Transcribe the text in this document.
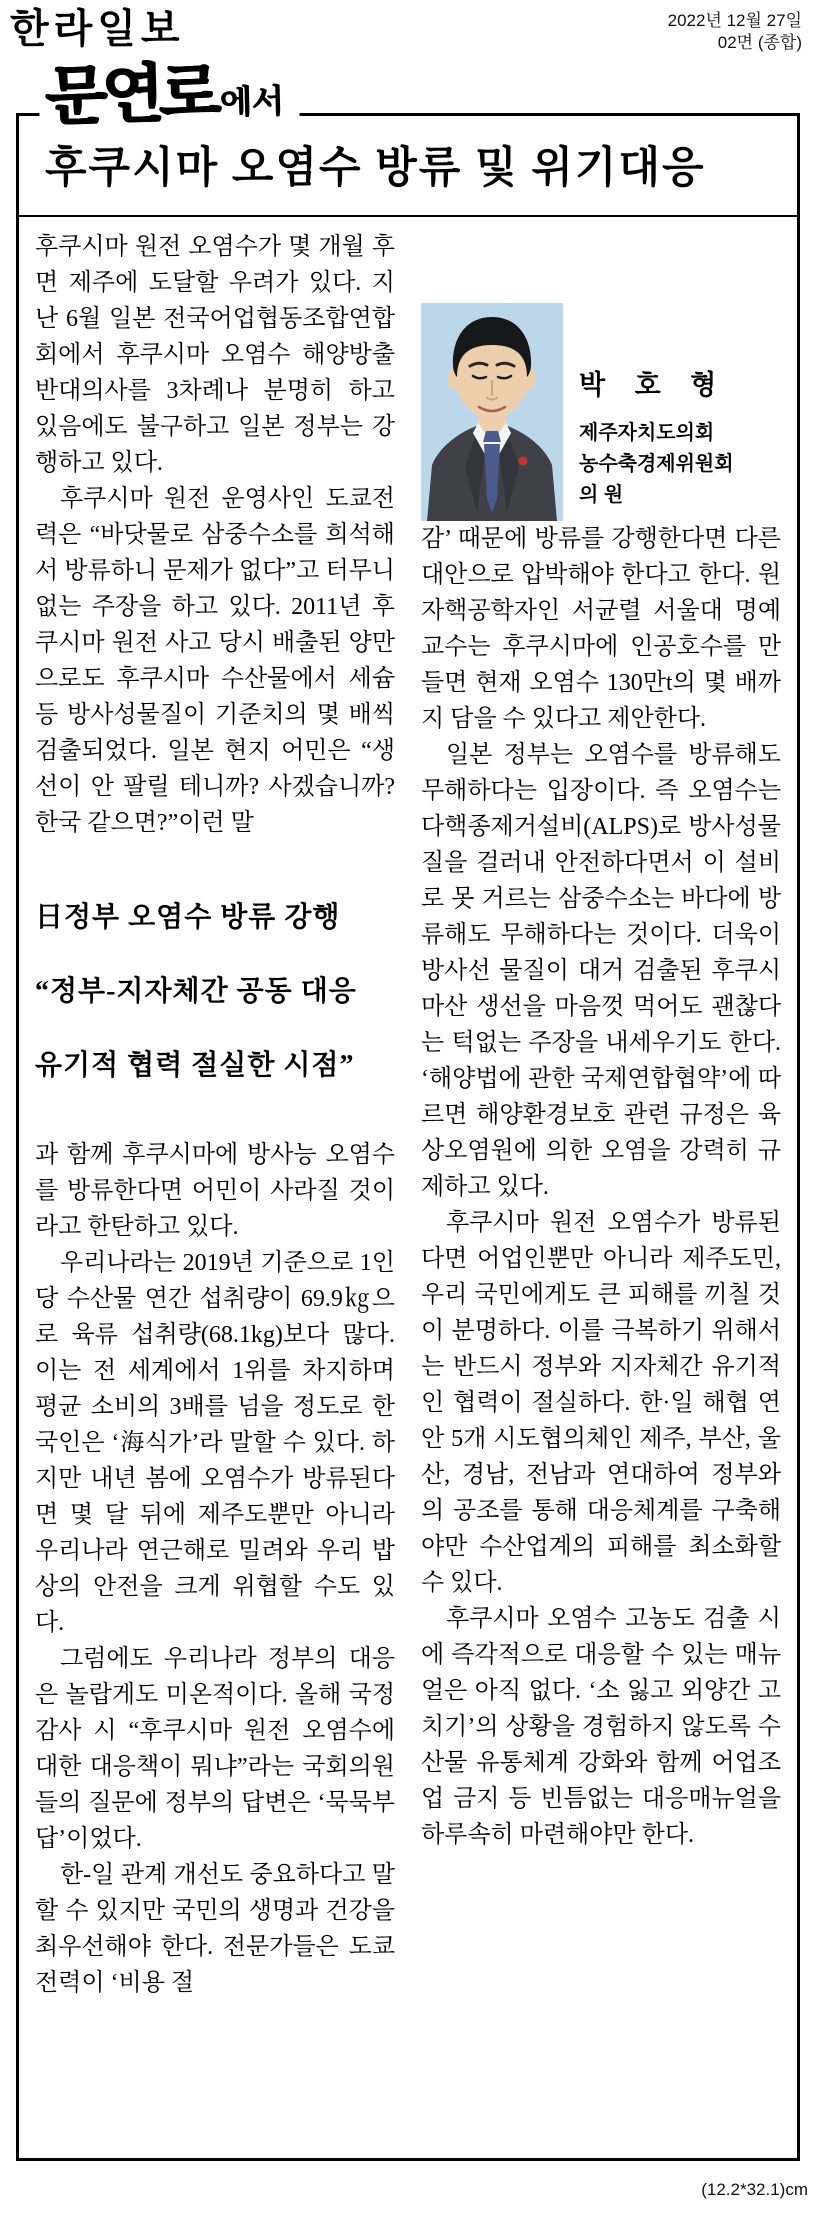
한라일보	2022년 12월 27일
02면 (종합)
문연로에서
후쿠시마 오염수 방류 및 위기대응

후쿠시마 원전 오염수가 몇 개월 후면 제주에 도달할 우려가 있다. 지난 6월 일본 전국어업협동조합연합회에서 후쿠시마 오염수 해양방출 반대의사를 3차례나 분명히 하고 있음에도 불구하고 일본 정부는 강행하고 있다.

후쿠시마 원전 운영사인 도쿄전력은 “바닷물로 삼중수소를 희석해서 방류하니 문제가 없다”고 터무니없는 주장을 하고 있다. 2011년 후쿠시마 원전 사고 당시 배출된 양만으로도 후쿠시마 수산물에서 세슘 등 방사성물질이 기준치의 몇 배씩 검출되었다. 일본 현지 어민은 “생선이 안 팔릴 테니까? 사겠습니까? 한국 같으면?”이런 말

日정부 오염수 방류 강행
“정부-지자체간 공동 대응
유기적 협력 절실한 시점”

과 함께 후쿠시마에 방사능 오염수를 방류한다면 어민이 사라질 것이라고 한탄하고 있다.

우리나라는 2019년 기준으로 1인당 수산물 연간 섭취량이 69.9㎏으로 육류 섭취량(68.1kg)보다 많다. 이는 전 세계에서 1위를 차지하며 평균 소비의 3배를 넘을 정도로 한국인은 ‘海식가’라 말할 수 있다. 하지만 내년 봄에 오염수가 방류된다면 몇 달 뒤에 제주도뿐만 아니라 우리나라 연근해로 밀려와 우리 밥상의 안전을 크게 위협할 수도 있다.

그럼에도 우리나라 정부의 대응은 놀랍게도 미온적이다. 올해 국정감사 시 “후쿠시마 원전 오염수에 대한 대응책이 뭐냐”라는 국회의원들의 질문에 정부의 답변은 ‘묵묵부답’이었다.

한-일 관계 개선도 중요하다고 말할 수 있지만 국민의 생명과 건강을 최우선해야 한다. 전문가들은 도쿄전력이 ‘비용 절

박 호 형
제주자치도의회
농수축경제위원회
의 원

감’ 때문에 방류를 강행한다면 다른 대안으로 압박해야 한다고 한다. 원자핵공학자인 서균렬 서울대 명예교수는 후쿠시마에 인공호수를 만들면 현재 오염수 130만t의 몇 배까지 담을 수 있다고 제안한다.

일본 정부는 오염수를 방류해도 무해하다는 입장이다. 즉 오염수는 다핵종제거설비(ALPS)로 방사성물질을 걸러내 안전하다면서 이 설비로 못 거르는 삼중수소는 바다에 방류해도 무해하다는 것이다. 더욱이 방사선 물질이 대거 검출된 후쿠시마산 생선을 마음껏 먹어도 괜찮다는 턱없는 주장을 내세우기도 한다. ‘해양법에 관한 국제연합협약’에 따르면 해양환경보호 관련 규정은 육상오염원에 의한 오염을 강력히 규제하고 있다.

후쿠시마 원전 오염수가 방류된다면 어업인뿐만 아니라 제주도민, 우리 국민에게도 큰 피해를 끼칠 것이 분명하다. 이를 극복하기 위해서는 반드시 정부와 지자체간 유기적인 협력이 절실하다. 한·일 해협 연안 5개 시도협의체인 제주, 부산, 울산, 경남, 전남과 연대하여 정부와의 공조를 통해 대응체계를 구축해야만 수산업계의 피해를 최소화할 수 있다.

후쿠시마 오염수 고농도 검출 시에 즉각적으로 대응할 수 있는 매뉴얼은 아직 없다. ‘소 잃고 외양간 고치기’의 상황을 경험하지 않도록 수산물 유통체계 강화와 함께 어업조업 금지 등 빈틈없는 대응매뉴얼을 하루속히 마련해야만 한다.

(12.2*32.1)cm
